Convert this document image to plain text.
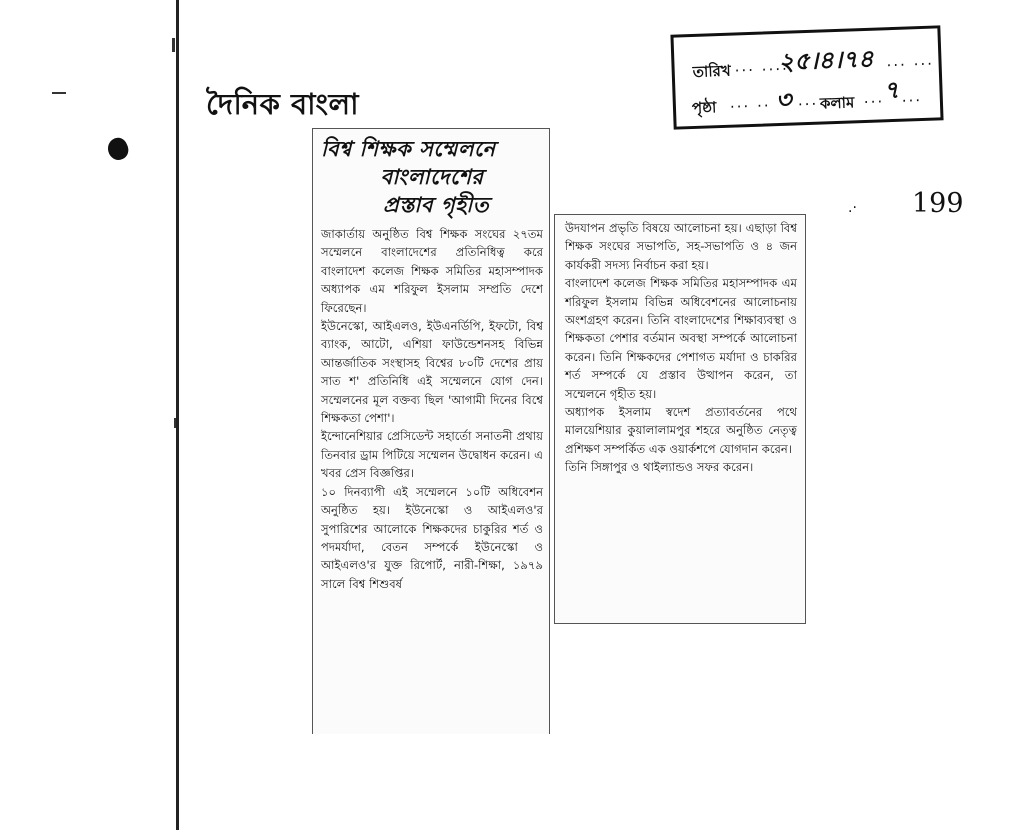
দৈনিক বাংলা
তারিখ ... ....
২৫।৪।৭৪ ... ...
পৃষ্ঠা ... .. ৩ ... কলাম ...
৭ ...
.· 199

বিশ্ব শিক্ষক সম্মেলনে

বাংলাদেশের

প্রস্তাব গৃহীত

জাকার্তায় অনুষ্ঠিত বিশ্ব শিক্ষক সংঘের ২৭তম সম্মেলনে বাংলাদেশের প্রতিনিধিত্ব করে বাংলাদেশ কলেজ শিক্ষক সমিতির মহাসম্পাদক অধ্যাপক এম শরিফুল ইসলাম সম্প্রতি দেশে ফিরেছেন।

ইউনেস্কো, আইএলও, ইউএনর্ডিপি, ইফটো, বিশ্ব ব্যাংক, আটো, এশিয়া ফাউন্ডেশনসহ বিভিন্ন আন্তর্জাতিক সংস্থাসহ বিশ্বের ৮০টি দেশের প্রায় সাত শ' প্রতিনিধি এই সম্মেলনে যোগ দেন। সম্মেলনের মূল বক্তব্য ছিল 'আগামী দিনের বিশ্বে শিক্ষকতা পেশা'।

ইন্দোনেশিয়ার প্রেসিডেন্ট সহার্তো সনাতনী প্রথায় তিনবার ড্রাম পিটিয়ে সম্মেলন উদ্বোধন করেন। এ খবর প্রেস বিজ্ঞপ্তির।

১০ দিনব্যাপী এই সম্মেলনে ১০টি অধিবেশন অনুষ্ঠিত হয়। ইউনেস্কো ও আইএলও'র সুপারিশের আলোকে শিক্ষকদের চাকুরির শর্ত ও পদমর্যাদা, বেতন সম্পর্কে ইউনেস্কো ও আইএলও'র যুক্ত রিপোর্ট, নারী-শিক্ষা, ১৯৭৯ সালে বিশ্ব শিশুবর্ষ

উদযাপন প্রভৃতি বিষয়ে আলোচনা হয়। এছাড়া বিশ্ব শিক্ষক সংঘের সভাপতি, সহ-সভাপতি ও ৪ জন কার্যকরী সদস্য নির্বাচন করা হয়।

বাংলাদেশ কলেজ শিক্ষক সমিতির মহাসম্পাদক এম শরিফুল ইসলাম বিভিন্ন অধিবেশনের আলোচনায় অংশগ্রহণ করেন। তিনি বাংলাদেশের শিক্ষাব্যবস্থা ও শিক্ষকতা পেশার বর্তমান অবস্থা সম্পর্কে আলোচনা করেন। তিনি শিক্ষকদের পেশাগত মর্যাদা ও চাকরির শর্ত সম্পর্কে যে প্রস্তাব উত্থাপন করেন, তা সম্মেলনে গৃহীত হয়।

অধ্যাপক ইসলাম স্বদেশ প্রত্যাবর্তনের পথে মালয়েশিয়ার কুয়ালালামপুর শহরে অনুষ্ঠিত নেতৃত্ব প্রশিক্ষণ সম্পর্কিত এক ওয়ার্কশপে যোগদান করেন।

তিনি সিঙ্গাপুর ও থাইল্যান্ডও সফর করেন।
